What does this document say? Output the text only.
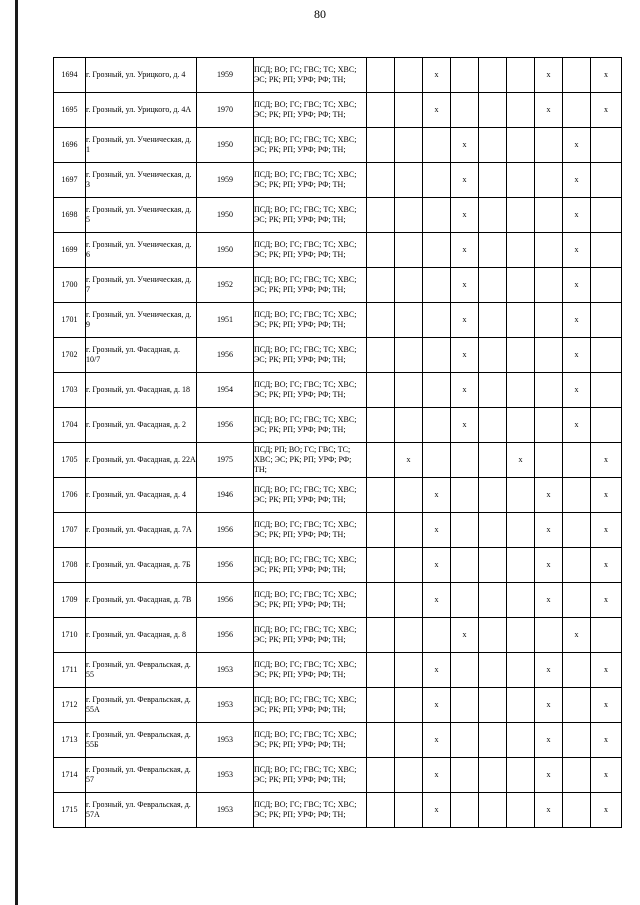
80
1694	г. Грозный, ул. Урицкого, д. 4	1959	ПСД; ВО; ГС; ГВС; ТС; ХВС; ЭС; РК; РП; УРФ; РФ; ТН;			x				x		x
1695	г. Грозный, ул. Урицкого, д. 4А	1970	ПСД; ВО; ГС; ГВС; ТС; ХВС; ЭС; РК; РП; УРФ; РФ; ТН;			x				x		x
1696	г. Грозный, ул. Ученическая, д. 1	1950	ПСД; ВО; ГС; ГВС; ТС; ХВС; ЭС; РК; РП; УРФ; РФ; ТН;				x				x	
1697	г. Грозный, ул. Ученическая, д. 3	1959	ПСД; ВО; ГС; ГВС; ТС; ХВС; ЭС; РК; РП; УРФ; РФ; ТН;				x				x	
1698	г. Грозный, ул. Ученическая, д. 5	1950	ПСД; ВО; ГС; ГВС; ТС; ХВС; ЭС; РК; РП; УРФ; РФ; ТН;				x				x	
1699	г. Грозный, ул. Ученическая, д. 6	1950	ПСД; ВО; ГС; ГВС; ТС; ХВС; ЭС; РК; РП; УРФ; РФ; ТН;				x				x	
1700	г. Грозный, ул. Ученическая, д. 7	1952	ПСД; ВО; ГС; ГВС; ТС; ХВС; ЭС; РК; РП; УРФ; РФ; ТН;				x				x	
1701	г. Грозный, ул. Ученическая, д. 9	1951	ПСД; ВО; ГС; ГВС; ТС; ХВС; ЭС; РК; РП; УРФ; РФ; ТН;				x				x	
1702	г. Грозный, ул. Фасадная, д. 10/7	1956	ПСД; ВО; ГС; ГВС; ТС; ХВС; ЭС; РК; РП; УРФ; РФ; ТН;				x				x	
1703	г. Грозный, ул. Фасадная, д. 18	1954	ПСД; ВО; ГС; ГВС; ТС; ХВС; ЭС; РК; РП; УРФ; РФ; ТН;				x				x	
1704	г. Грозный, ул. Фасадная, д. 2	1956	ПСД; ВО; ГС; ГВС; ТС; ХВС; ЭС; РК; РП; УРФ; РФ; ТН;				x				x	
1705	г. Грозный, ул. Фасадная, д. 22А	1975	ПСД; РП; ВО; ГС; ГВС; ТС; ХВС; ЭС; РК; РП; УРФ; РФ; ТН;		x				x			x
1706	г. Грозный, ул. Фасадная, д. 4	1946	ПСД; ВО; ГС; ГВС; ТС; ХВС; ЭС; РК; РП; УРФ; РФ; ТН;			x				x		x
1707	г. Грозный, ул. Фасадная, д. 7А	1956	ПСД; ВО; ГС; ГВС; ТС; ХВС; ЭС; РК; РП; УРФ; РФ; ТН;			x				x		x
1708	г. Грозный, ул. Фасадная, д. 7Б	1956	ПСД; ВО; ГС; ГВС; ТС; ХВС; ЭС; РК; РП; УРФ; РФ; ТН;			x				x		x
1709	г. Грозный, ул. Фасадная, д. 7В	1956	ПСД; ВО; ГС; ГВС; ТС; ХВС; ЭС; РК; РП; УРФ; РФ; ТН;			x				x		x
1710	г. Грозный, ул. Фасадная, д. 8	1956	ПСД; ВО; ГС; ГВС; ТС; ХВС; ЭС; РК; РП; УРФ; РФ; ТН;				x				x	
1711	г. Грозный, ул. Февральская, д. 55	1953	ПСД; ВО; ГС; ГВС; ТС; ХВС; ЭС; РК; РП; УРФ; РФ; ТН;			x				x		x
1712	г. Грозный, ул. Февральская, д. 55А	1953	ПСД; ВО; ГС; ГВС; ТС; ХВС; ЭС; РК; РП; УРФ; РФ; ТН;			x				x		x
1713	г. Грозный, ул. Февральская, д. 55Б	1953	ПСД; ВО; ГС; ГВС; ТС; ХВС; ЭС; РК; РП; УРФ; РФ; ТН;			x				x		x
1714	г. Грозный, ул. Февральская, д. 57	1953	ПСД; ВО; ГС; ГВС; ТС; ХВС; ЭС; РК; РП; УРФ; РФ; ТН;			x				x		x
1715	г. Грозный, ул. Февральская, д. 57А	1953	ПСД; ВО; ГС; ГВС; ТС; ХВС; ЭС; РК; РП; УРФ; РФ; ТН;			x				x		x
